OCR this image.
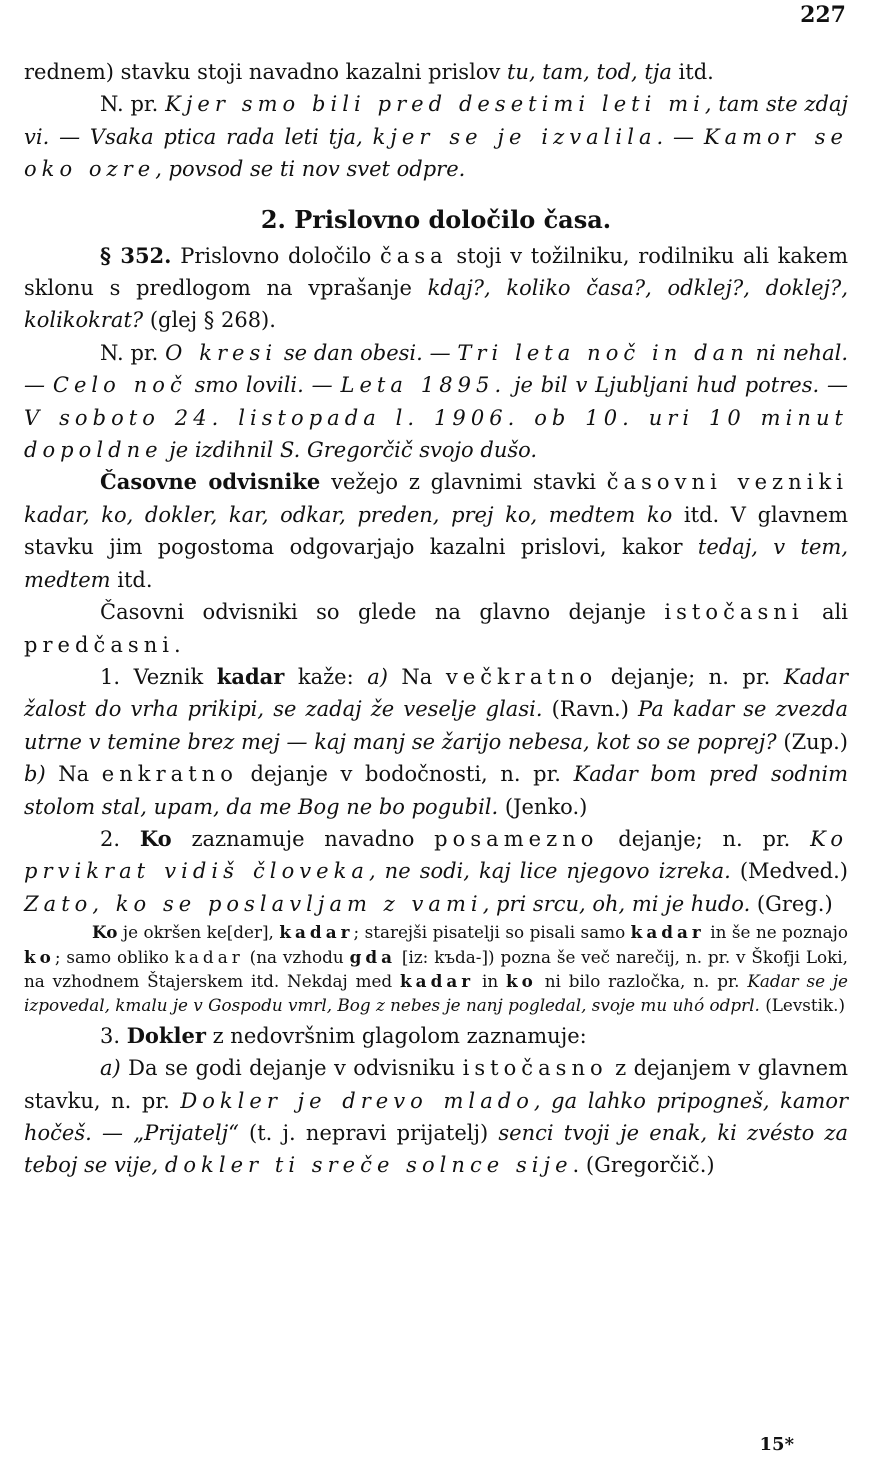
227

rednem) stavku stoji navadno kazalni prislov tu, tam, tod, tja itd.

N. pr. Kjer smo bili pred desetimi leti mi, tam ste zdaj vi. — Vsaka ptica rada leti tja, kjer se je izvalila. — Kamor se oko ozre, povsod se ti nov svet odpre.

2. Prislovno določilo časa.

§ 352. Prislovno določilo časa stoji v tožilniku, rodilniku ali kakem sklonu s predlogom na vprašanje kdaj?, koliko časa?, odklej?, doklej?, kolikokrat? (glej § 268).

N. pr. O kresi se dan obesi. — Tri leta noč in dan ni nehal. — Celo noč smo lovili. — Leta 1895. je bil v Ljubljani hud potres. — V soboto 24. listopada l. 1906. ob 10. uri 10 minut dopoldne je izdihnil S. Gregorčič svojo dušo.

Časovne odvisnike vežejo z glavnimi stavki časovni vezniki kadar, ko, dokler, kar, odkar, preden, prej ko, medtem ko itd. V glavnem stavku jim pogostoma odgovarjajo kazalni prislovi, kakor tedaj, v tem, medtem itd.

Časovni odvisniki so glede na glavno dejanje istočasni ali predčasni.

1. Veznik kadar kaže: a) Na večkratno dejanje; n. pr. Kadar žalost do vrha prikipi, se zadaj že veselje glasi. (Ravn.) Pa kadar se zvezda utrne v temine brez mej — kaj manj se žarijo nebesa, kot so se poprej? (Zup.) b) Na enkratno dejanje v bodočnosti, n. pr. Kadar bom pred sodnim stolom stal, upam, da me Bog ne bo pogubil. (Jenko.)

2. Ko zaznamuje navadno posamezno dejanje; n. pr. Ko prvikrat vidiš človeka, ne sodi, kaj lice njegovo izreka. (Medved.) Zato, ko se poslavljam z vami, pri srcu, oh, mi je hudo. (Greg.)

Ko je okršen ke[der], kadar; starejši pisatelji so pisali samo kadar in še ne poznajo ko; samo obliko kadar (na vzhodu gda [iz: kъda-]) pozna še več narečij, n. pr. v Škofji Loki, na vzhodnem Štajerskem itd. Nekdaj med kadar in ko ni bilo razločka, n. pr. Kadar se je izpovedal, kmalu je v Gospodu vmrl, Bog z nebes je nanj pogledal, svoje mu uhó odprl. (Levstik.)

3. Dokler z nedovršnim glagolom zaznamuje:

a) Da se godi dejanje v odvisniku istočasno z dejanjem v glavnem stavku, n. pr. Dokler je drevo mlado, ga lahko pripogneš, kamor hočeš. — „Prijatelj“ (t. j. nepravi prijatelj) senci tvoji je enak, ki zvésto za teboj se vije, dokler ti sreče solnce sije. (Gregorčič.)

15*
